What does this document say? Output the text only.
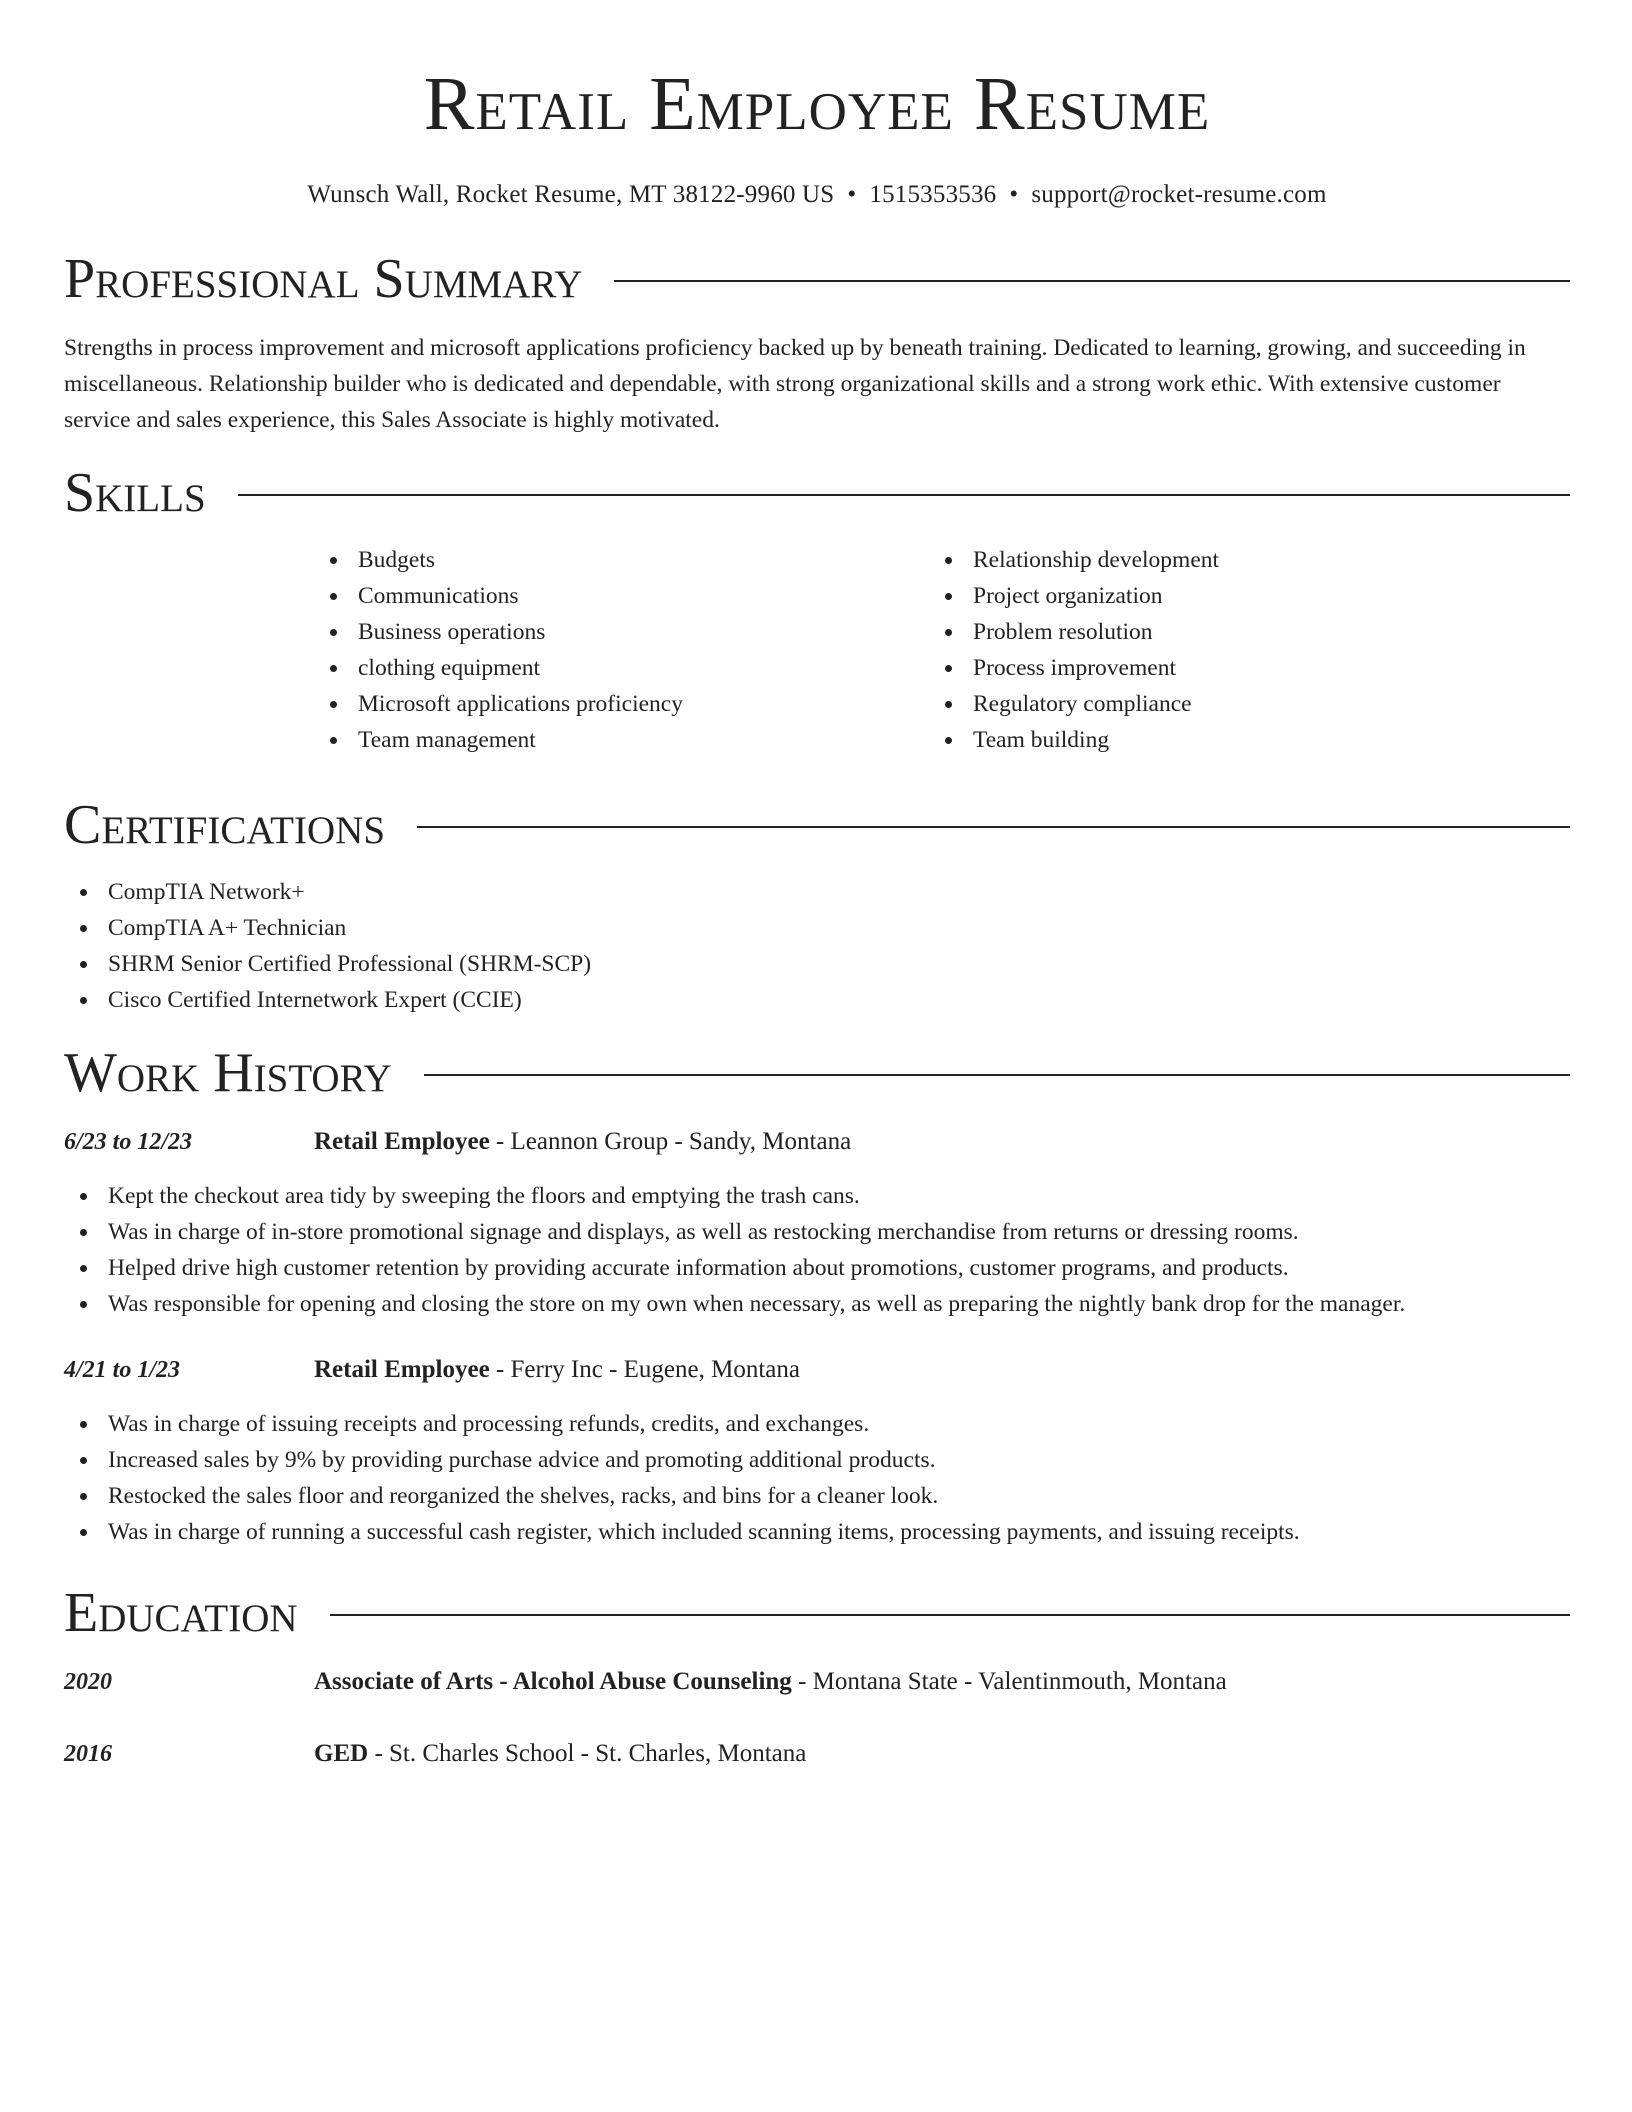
Retail Employee Resume
Wunsch Wall, Rocket Resume, MT 38122-9960 US • 1515353536 • support@rocket-resume.com
Professional Summary

Strengths in process improvement and microsoft applications proficiency backed up by beneath training. Dedicated to learning, growing, and succeeding in miscellaneous. Relationship builder who is dedicated and dependable, with strong organizational skills and a strong work ethic. With extensive customer service and sales experience, this Sales Associate is highly motivated.

Skills
Budgets
Communications
Business operations
clothing equipment
Microsoft applications proficiency
Team management
Relationship development
Project organization
Problem resolution
Process improvement
Regulatory compliance
Team building
Certifications
CompTIA Network+
CompTIA A+ Technician
SHRM Senior Certified Professional (SHRM-SCP)
Cisco Certified Internetwork Expert (CCIE)
Work History
6/23 to 12/23	Retail Employee - Leannon Group - Sandy, Montana
Kept the checkout area tidy by sweeping the floors and emptying the trash cans.
Was in charge of in-store promotional signage and displays, as well as restocking merchandise from returns or dressing rooms.
Helped drive high customer retention by providing accurate information about promotions, customer programs, and products.
Was responsible for opening and closing the store on my own when necessary, as well as preparing the nightly bank drop for the manager.
4/21 to 1/23	Retail Employee - Ferry Inc - Eugene, Montana
Was in charge of issuing receipts and processing refunds, credits, and exchanges.
Increased sales by 9% by providing purchase advice and promoting additional products.
Restocked the sales floor and reorganized the shelves, racks, and bins for a cleaner look.
Was in charge of running a successful cash register, which included scanning items, processing payments, and issuing receipts.
Education
2020	Associate of Arts - Alcohol Abuse Counseling - Montana State - Valentinmouth, Montana
2016	GED - St. Charles School - St. Charles, Montana
